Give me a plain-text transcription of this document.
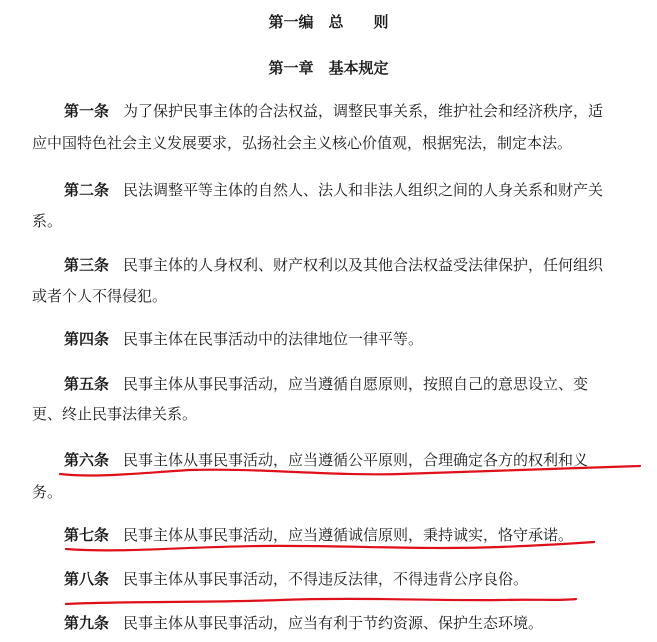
第一编　总　　则
第一章　基本规定
第一条 为了保护民事主体的合法权益，调整民事关系，维护社会和经济秩序，适
应中国特色社会主义发展要求，弘扬社会主义核心价值观，根据宪法，制定本法。
第二条 民法调整平等主体的自然人、法人和非法人组织之间的人身关系和财产关
系。
第三条 民事主体的人身权利、财产权利以及其他合法权益受法律保护，任何组织
或者个人不得侵犯。
第四条 民事主体在民事活动中的法律地位一律平等。
第五条 民事主体从事民事活动，应当遵循自愿原则，按照自己的意思设立、变
更、终止民事法律关系。
第六条 民事主体从事民事活动，应当遵循公平原则，合理确定各方的权利和义
务。
第七条 民事主体从事民事活动，应当遵循诚信原则，秉持诚实，恪守承诺。
第八条 民事主体从事民事活动，不得违反法律，不得违背公序良俗。
第九条 民事主体从事民事活动，应当有利于节约资源、保护生态环境。
